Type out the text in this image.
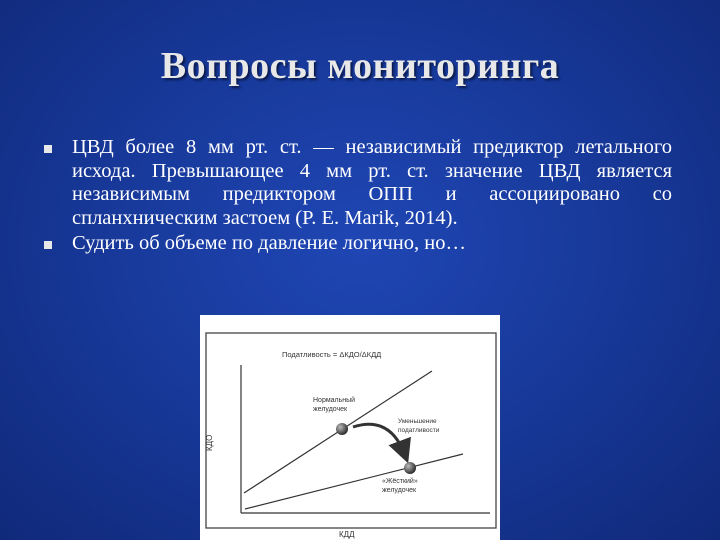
Вопросы мониторинга
ЦВД более 8 мм рт. ст. — независимый предиктор летального исхода. Превышающее 4 мм рт. ст. значение ЦВД является независимым предиктором ОПП и ассоциировано со спланхническим застоем (P. E. Marik, 2014).
Судить об объеме по давление логично, но…
Податливость = ΔКДО/ΔКДД
КДО
КДД
Нормальный
желудочек
Уменьшение
податливости
«Жёсткий»
желудочек
